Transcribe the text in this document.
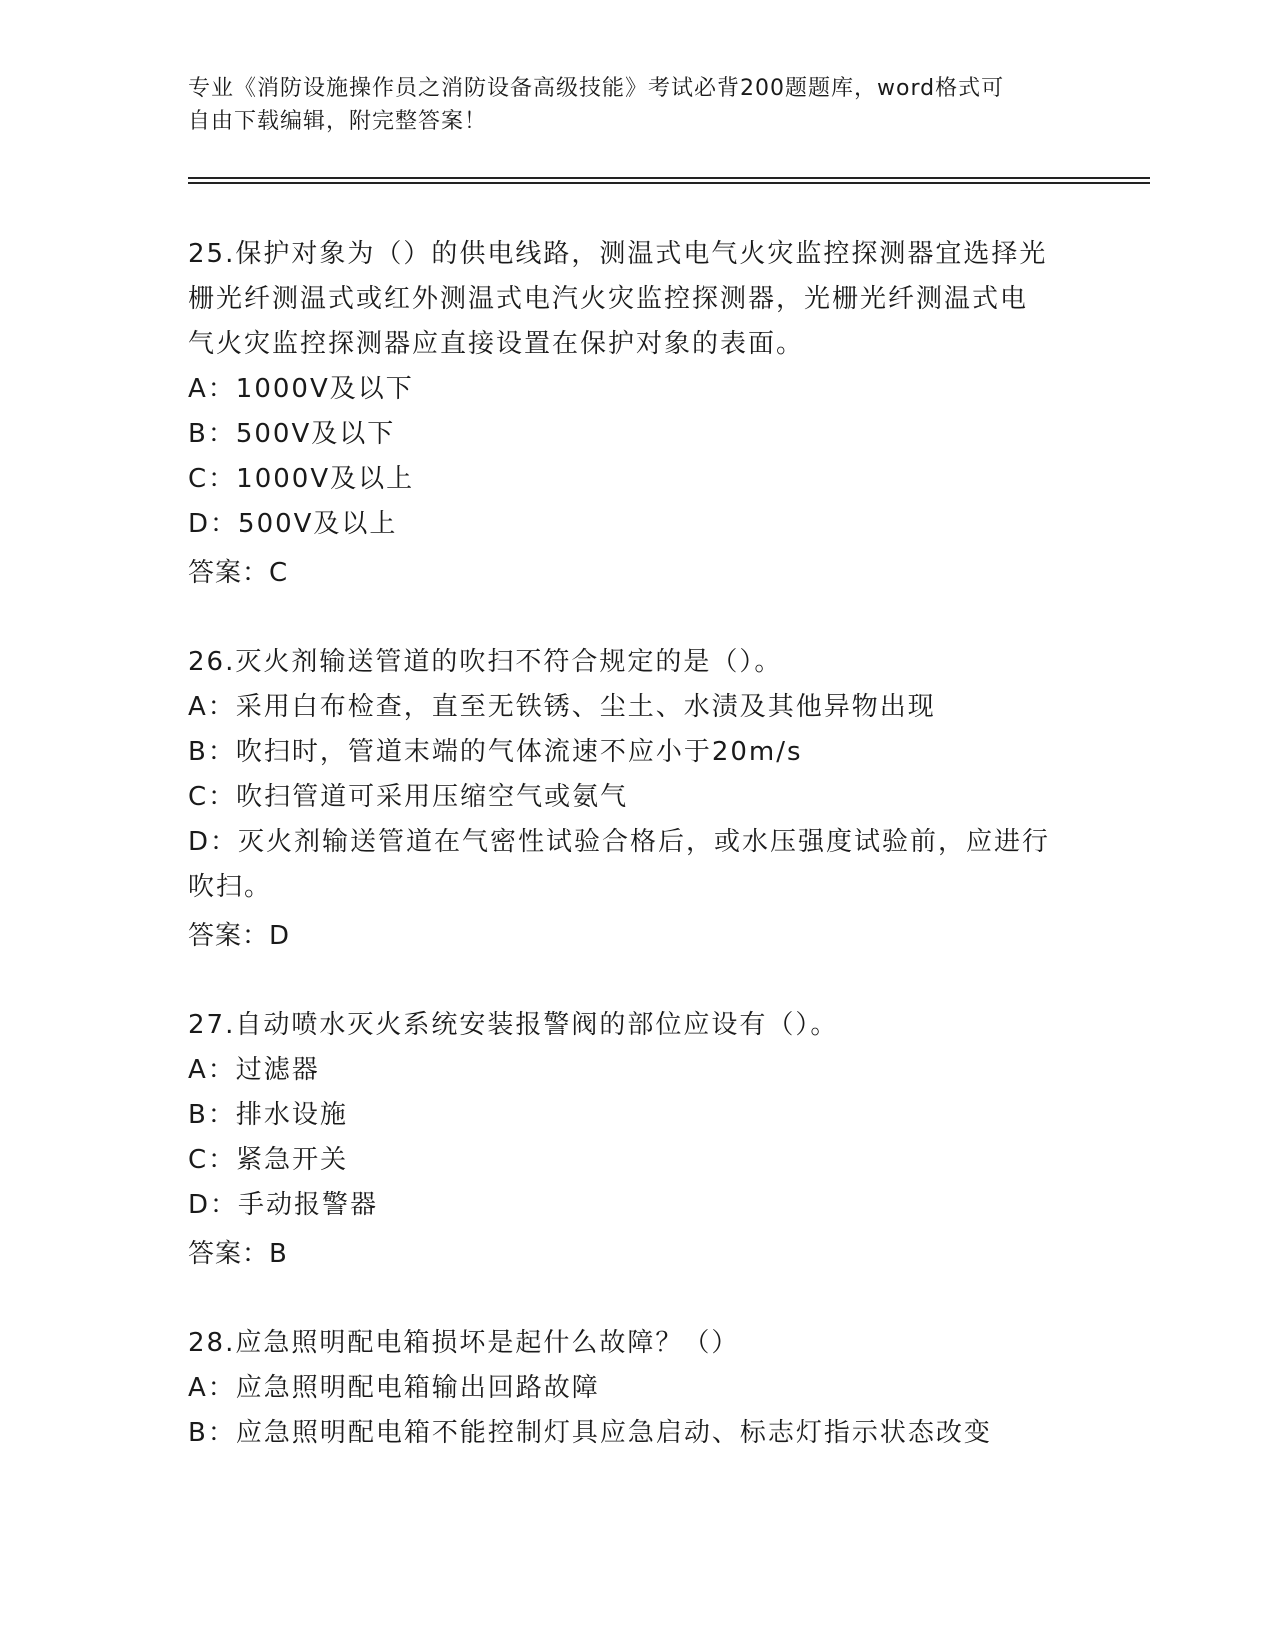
专业《消防设施操作员之消防设备高级技能》考试必背200题题库，word格式可

自由下载编辑，附完整答案！

25.保护对象为（）的供电线路，测温式电气火灾监控探测器宜选择光

栅光纤测温式或红外测温式电汽火灾监控探测器，光栅光纤测温式电

气火灾监控探测器应直接设置在保护对象的表面。

A：1000V及以下

B：500V及以下

C：1000V及以上

D：500V及以上

答案：C

26.灭火剂输送管道的吹扫不符合规定的是（）。

A：采用白布检查，直至无铁锈、尘土、水渍及其他异物出现

B：吹扫时，管道末端的气体流速不应小于20m/s

C：吹扫管道可采用压缩空气或氨气

D：灭火剂输送管道在气密性试验合格后，或水压强度试验前，应进行

吹扫。

答案：D

27.自动喷水灭火系统安装报警阀的部位应设有（）。

A：过滤器

B：排水设施

C：紧急开关

D：手动报警器

答案：B

28.应急照明配电箱损坏是起什么故障？（）

A：应急照明配电箱输出回路故障

B：应急照明配电箱不能控制灯具应急启动、标志灯指示状态改变
